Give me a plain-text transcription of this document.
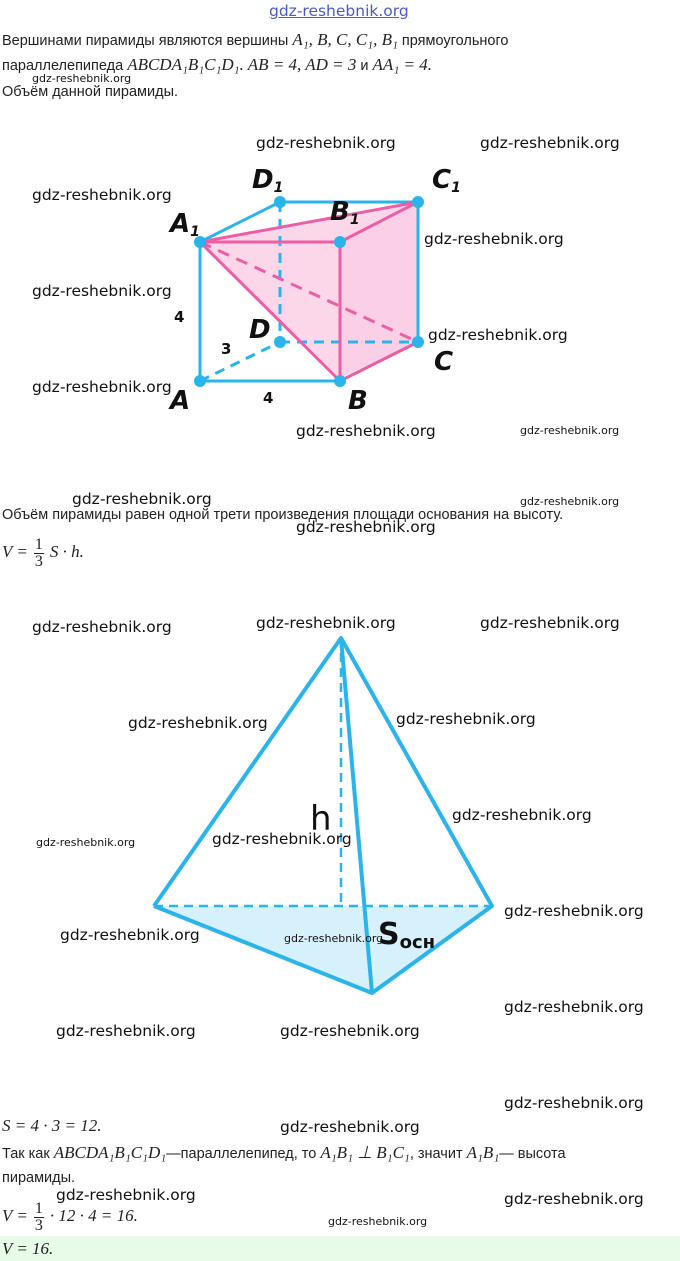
gdz-reshebnik.org
Вершинами пирамиды являются вершины A₁, B, C, C₁, B₁ прямоугольного
параллелепипеда ABCDA₁B₁C₁D₁. AB = 4, AD = 3 и AA₁ = 4.
gdz-reshebnik.org
Объём данной пирамиды.
A1
D1
B1
C1
D
C
A	B
4
3
4
gdz-reshebnik.org	gdz-reshebnik.org
gdz-reshebnik.org
gdz-reshebnik.org
gdz-reshebnik.org
gdz-reshebnik.org
gdz-reshebnik.org
gdz-reshebnik.org	gdz-reshebnik.org
gdz-reshebnik.org	gdz-reshebnik.org
Объём пирамиды равен одной трети произведения площади основания на высоту.
gdz-reshebnik.org
$V = \frac{1}{3}$ S · h.
h
Sосн
gdz-reshebnik.org	gdz-reshebnik.org	gdz-reshebnik.org
gdz-reshebnik.org	gdz-reshebnik.org
gdz-reshebnik.org
gdz-reshebnik.org	gdz-reshebnik.org
gdz-reshebnik.org
gdz-reshebnik.org	gdz-reshebnik.org
gdz-reshebnik.org
gdz-reshebnik.org	gdz-reshebnik.org
gdz-reshebnik.org
S = 4 · 3 = 12.	gdz-reshebnik.org
Так как ABCDA₁B₁C₁D₁—параллелепипед, то A₁B₁ ⊥ B₁C₁, значит A₁B₁— высота
пирамиды.
gdz-reshebnik.org	gdz-reshebnik.org
$V = \frac{1}{3} \cdot 12 \cdot 4 = 16$.	gdz-reshebnik.org
V = 16.
